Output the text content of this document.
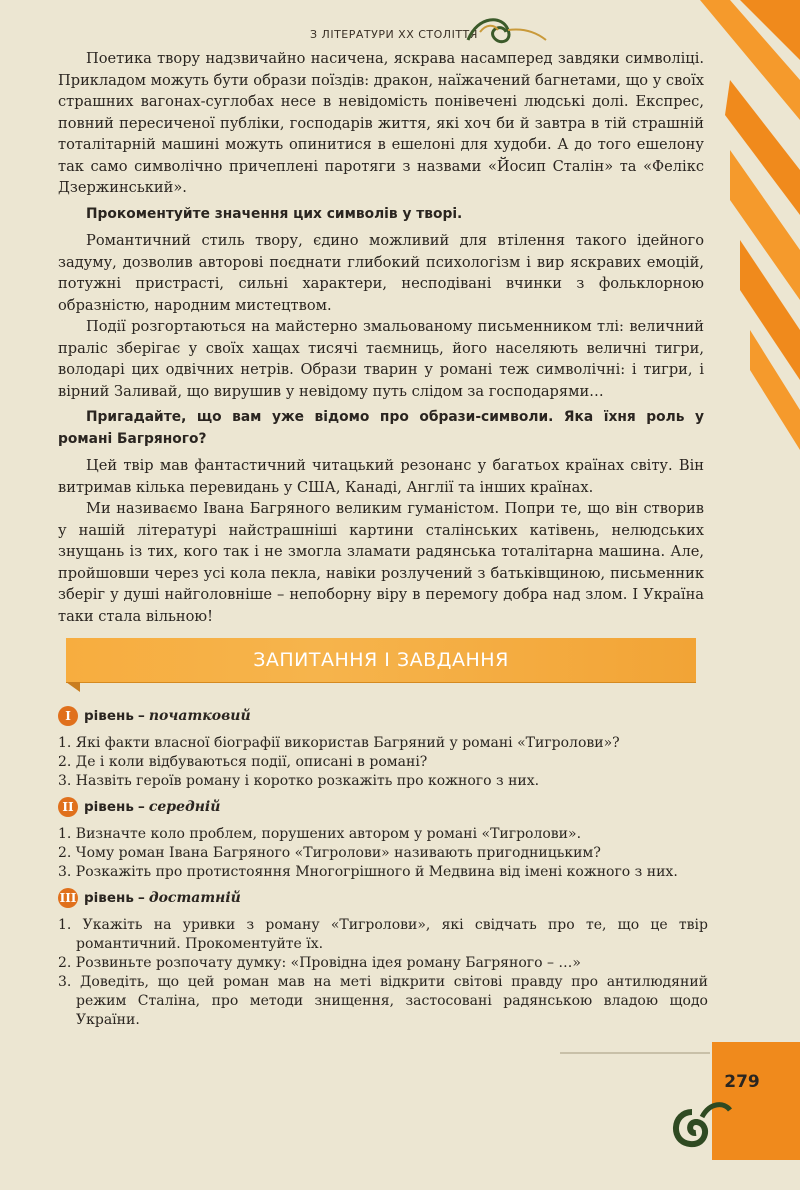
З ЛІТЕРАТУРИ XX СТОЛІТТЯ

Поетика твору надзвичайно насичена, яскрава насамперед завдяки символіці. Прикладом можуть бути образи поїздів: дракон, наїжачений багнетами, що у своїх страшних вагонах-суглобах несе в невідомість понівечені людські долі. Експрес, повний пересиченої публіки, господарів життя, які хоч би й завтра в тій страшній тоталітарній машині можуть опинитися в ешелоні для худоби. А до того ешелону так само символічно причеплені паротяги з назвами «Йосип Сталін» та «Фелікс Дзержинський».

Прокоментуйте значення цих символів у творі.

Романтичний стиль твору, єдино можливий для втілення такого ідейного задуму, дозволив авторові поєднати глибокий психологізм і вир яскравих емоцій, потужні пристрасті, сильні характери, несподівані вчинки з фольклорною образністю, народним мистецтвом.

Події розгортаються на майстерно змальованому письменником тлі: величний праліс зберігає у своїх хащах тисячі таємниць, його населяють величні тигри, володарі цих одвічних нетрів. Образи тварин у романі теж символічні: і тигри, і вірний Заливай, що вирушив у невідому путь слідом за господарями…

Пригадайте, що вам уже відомо про образи-символи. Яка їхня роль у романі Багряного?

Цей твір мав фантастичний читацький резонанс у багатьох країнах світу. Він витримав кілька перевидань у США, Канаді, Англії та інших країнах.

Ми називаємо Івана Багряного великим гуманістом. Попри те, що він створив у нашій літературі найстрашніші картини сталінських катівень, нелюдських знущань із тих, кого так і не змогла зламати радянська тоталітарна машина. Але, пройшовши через усі кола пекла, навіки розлучений з батьківщиною, письменник зберіг у душі найголовніше – непоборну віру в перемогу добра над злом. І Україна таки стала вільною!

ЗАПИТАННЯ І ЗАВДАННЯ
I рівень – початковий
1. Які факти власної біографії використав Багряний у романі «Тигролови»?
2. Де і коли відбуваються події, описані в романі?
3. Назвіть героїв роману і коротко розкажіть про кожного з них.
II рівень – середній
1. Визначте коло проблем, порушених автором у романі «Тигролови».
2. Чому роман Івана Багряного «Тигролови» називають пригодницьким?
3. Розкажіть про протистояння Многогрішного й Медвина від імені кожного з них.
III рівень – достатній
1. Укажіть на уривки з роману «Тигролови», які свідчать про те, що це твір романтичний. Прокоментуйте їх.
2. Розвиньте розпочату думку: «Провідна ідея роману Багряного – …»
3. Доведіть, що цей роман мав на меті відкрити світові правду про антилюдяний режим Сталіна, про методи знищення, застосовані радянською владою щодо України.
279
